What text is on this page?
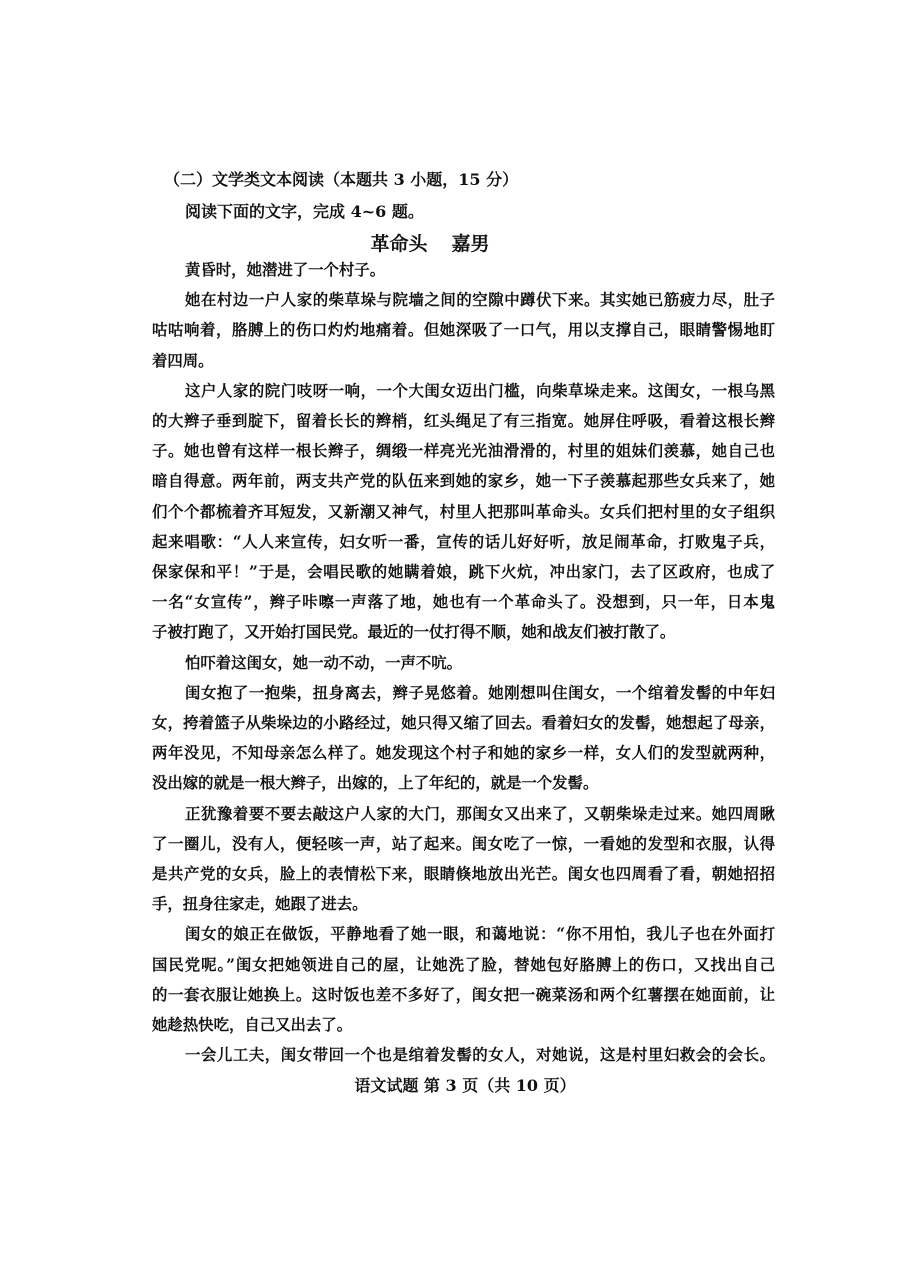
（二）文学类文本阅读（本题共 3 小题，15 分）
阅读下面的文字，完成 4~6 题。
革命头 嘉男
黄昏时，她潜进了一个村子。
她在村边一户人家的柴草垛与院墙之间的空隙中蹲伏下来。其实她已筋疲力尽，肚子
咕咕响着，胳膊上的伤口灼灼地痛着。但她深吸了一口气，用以支撑自己，眼睛警惕地盯
着四周。
这户人家的院门吱呀一响，一个大闺女迈出门槛，向柴草垛走来。这闺女，一根乌黑
的大辫子垂到腚下，留着长长的辫梢，红头绳足了有三指宽。她屏住呼吸，看着这根长辫
子。她也曾有这样一根长辫子，绸缎一样亮光光油滑滑的，村里的姐妹们羡慕，她自己也
暗自得意。两年前，两支共产党的队伍来到她的家乡，她一下子羡慕起那些女兵来了，她
们个个都梳着齐耳短发，又新潮又神气，村里人把那叫革命头。女兵们把村里的女子组织
起来唱歌：“人人来宣传，妇女听一番，宣传的话儿好好听，放足闹革命，打败鬼子兵，
保家保和平！”于是，会唱民歌的她瞒着娘，跳下火炕，冲出家门，去了区政府，也成了
一名“女宣传”，辫子咔嚓一声落了地，她也有一个革命头了。没想到，只一年，日本鬼
子被打跑了，又开始打国民党。最近的一仗打得不顺，她和战友们被打散了。
怕吓着这闺女，她一动不动，一声不吭。
闺女抱了一抱柴，扭身离去，辫子晃悠着。她刚想叫住闺女，一个绾着发髻的中年妇
女，挎着篮子从柴垛边的小路经过，她只得又缩了回去。看着妇女的发髻，她想起了母亲，
两年没见，不知母亲怎么样了。她发现这个村子和她的家乡一样，女人们的发型就两种，
没出嫁的就是一根大辫子，出嫁的，上了年纪的，就是一个发髻。
正犹豫着要不要去敲这户人家的大门，那闺女又出来了，又朝柴垛走过来。她四周瞅
了一圈儿，没有人，便轻咳一声，站了起来。闺女吃了一惊，一看她的发型和衣服，认得
是共产党的女兵，脸上的表情松下来，眼睛倏地放出光芒。闺女也四周看了看，朝她招招
手，扭身往家走，她跟了进去。
闺女的娘正在做饭，平静地看了她一眼，和蔼地说：“你不用怕，我儿子也在外面打
国民党呢。”闺女把她领进自己的屋，让她洗了脸，替她包好胳膊上的伤口，又找出自己
的一套衣服让她换上。这时饭也差不多好了，闺女把一碗菜汤和两个红薯摆在她面前，让
她趁热快吃，自己又出去了。
一会儿工夫，闺女带回一个也是绾着发髻的女人，对她说，这是村里妇救会的会长。
语文试题 第 3 页（共 10 页）
